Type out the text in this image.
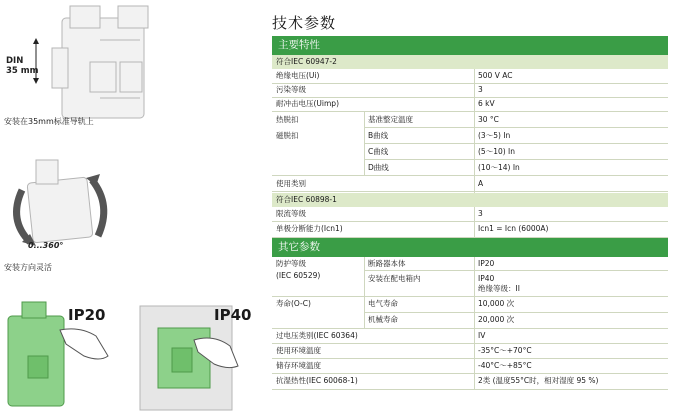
DIN
35 mm
安装在35mm标准导轨上
0...360°
安装方向灵活
IP20	IP40
技术参数
主要特性
符合IEC 60947-2
绝缘电压(Ui)	500 V AC
污染等级	3
耐冲击电压(Uimp)	6 kV
热脱扣	基准整定温度	30 °C
磁脱扣	B曲线	(3～5) In
C曲线	(5～10) In
D曲线	(10～14) In
使用类别	A
符合IEC 60898-1
限流等级	3
单极分断能力(Icn1)	Icn1 = Icn (6000A)
其它参数
防护等级	断路器本体	IP20
(IEC 60529)	安装在配电箱内	IP40
绝缘等级：II
寿命(O-C)	电气寿命	10,000 次
机械寿命	20,000 次
过电压类别(IEC 60364)	IV
使用环境温度	-35°C～+70°C
储存环境温度	-40°C～+85°C
抗湿热性(IEC 60068-1)	2类 (温度55°C时，相对湿度 95 %)
